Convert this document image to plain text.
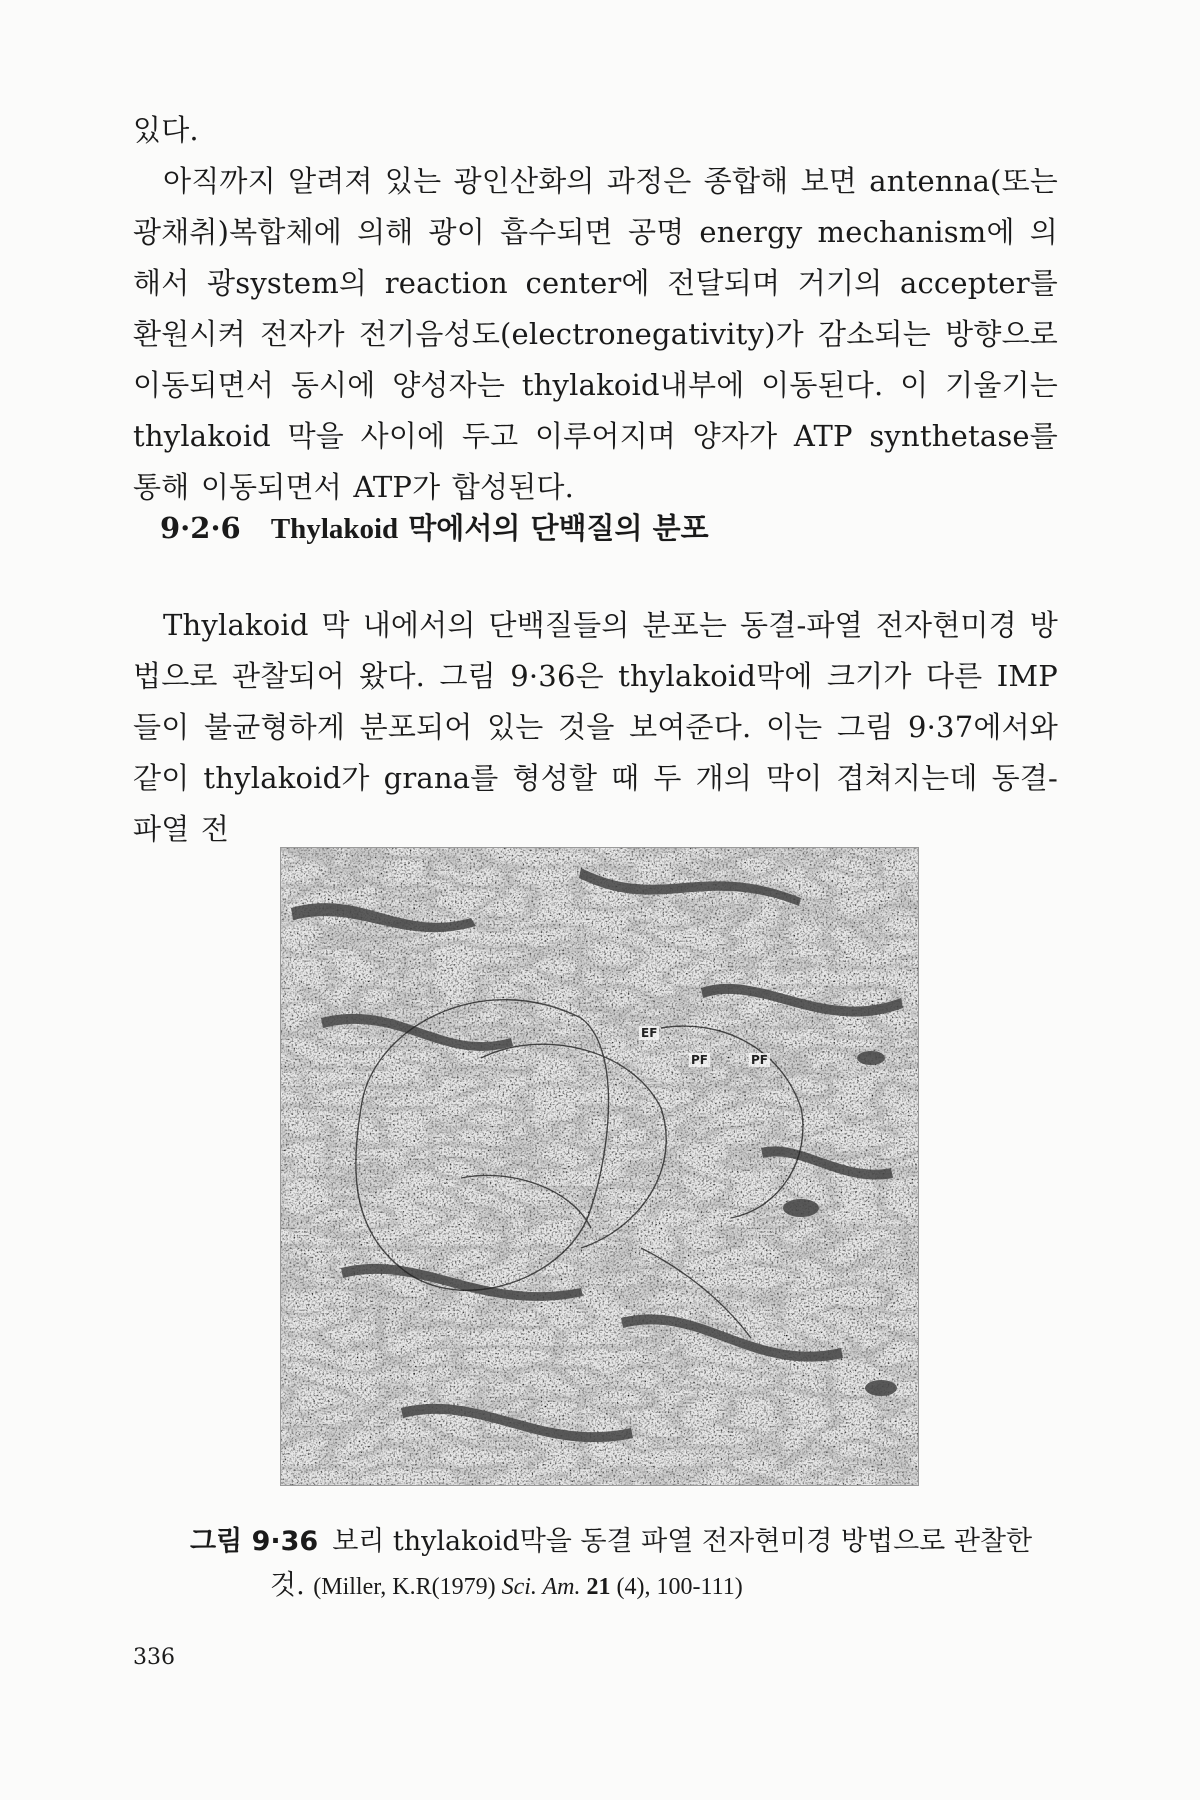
있다.

아직까지 알려져 있는 광인산화의 과정은 종합해 보면 antenna(또는 광채취)복합체에 의해 광이 흡수되면 공명 energy mechanism에 의해서 광system의 reaction center에 전달되며 거기의 accepter를 환원시켜 전자가 전기음성도(electronegativity)가 감소되는 방향으로 이동되면서 동시에 양성자는 thylakoid내부에 이동된다. 이 기울기는 thylakoid 막을 사이에 두고 이루어지며 양자가 ATP synthetase를 통해 이동되면서 ATP가 합성된다.

9·2·6 Thylakoid 막에서의 단백질의 분포

Thylakoid 막 내에서의 단백질들의 분포는 동결-파열 전자현미경 방법으로 관찰되어 왔다. 그림 9·36은 thylakoid막에 크기가 다른 IMP들이 불균형하게 분포되어 있는 것을 보여준다. 이는 그림 9·37에서와 같이 thylakoid가 grana를 형성할 때 두 개의 막이 겹쳐지는데 동결-파열 전

EF
PF	PF

그림 9·36 보리 thylakoid막을 동결 파열 전자현미경 방법으로 관찰한
것. (Miller, K.R(1979) Sci. Am. 21 (4), 100-111)

336
